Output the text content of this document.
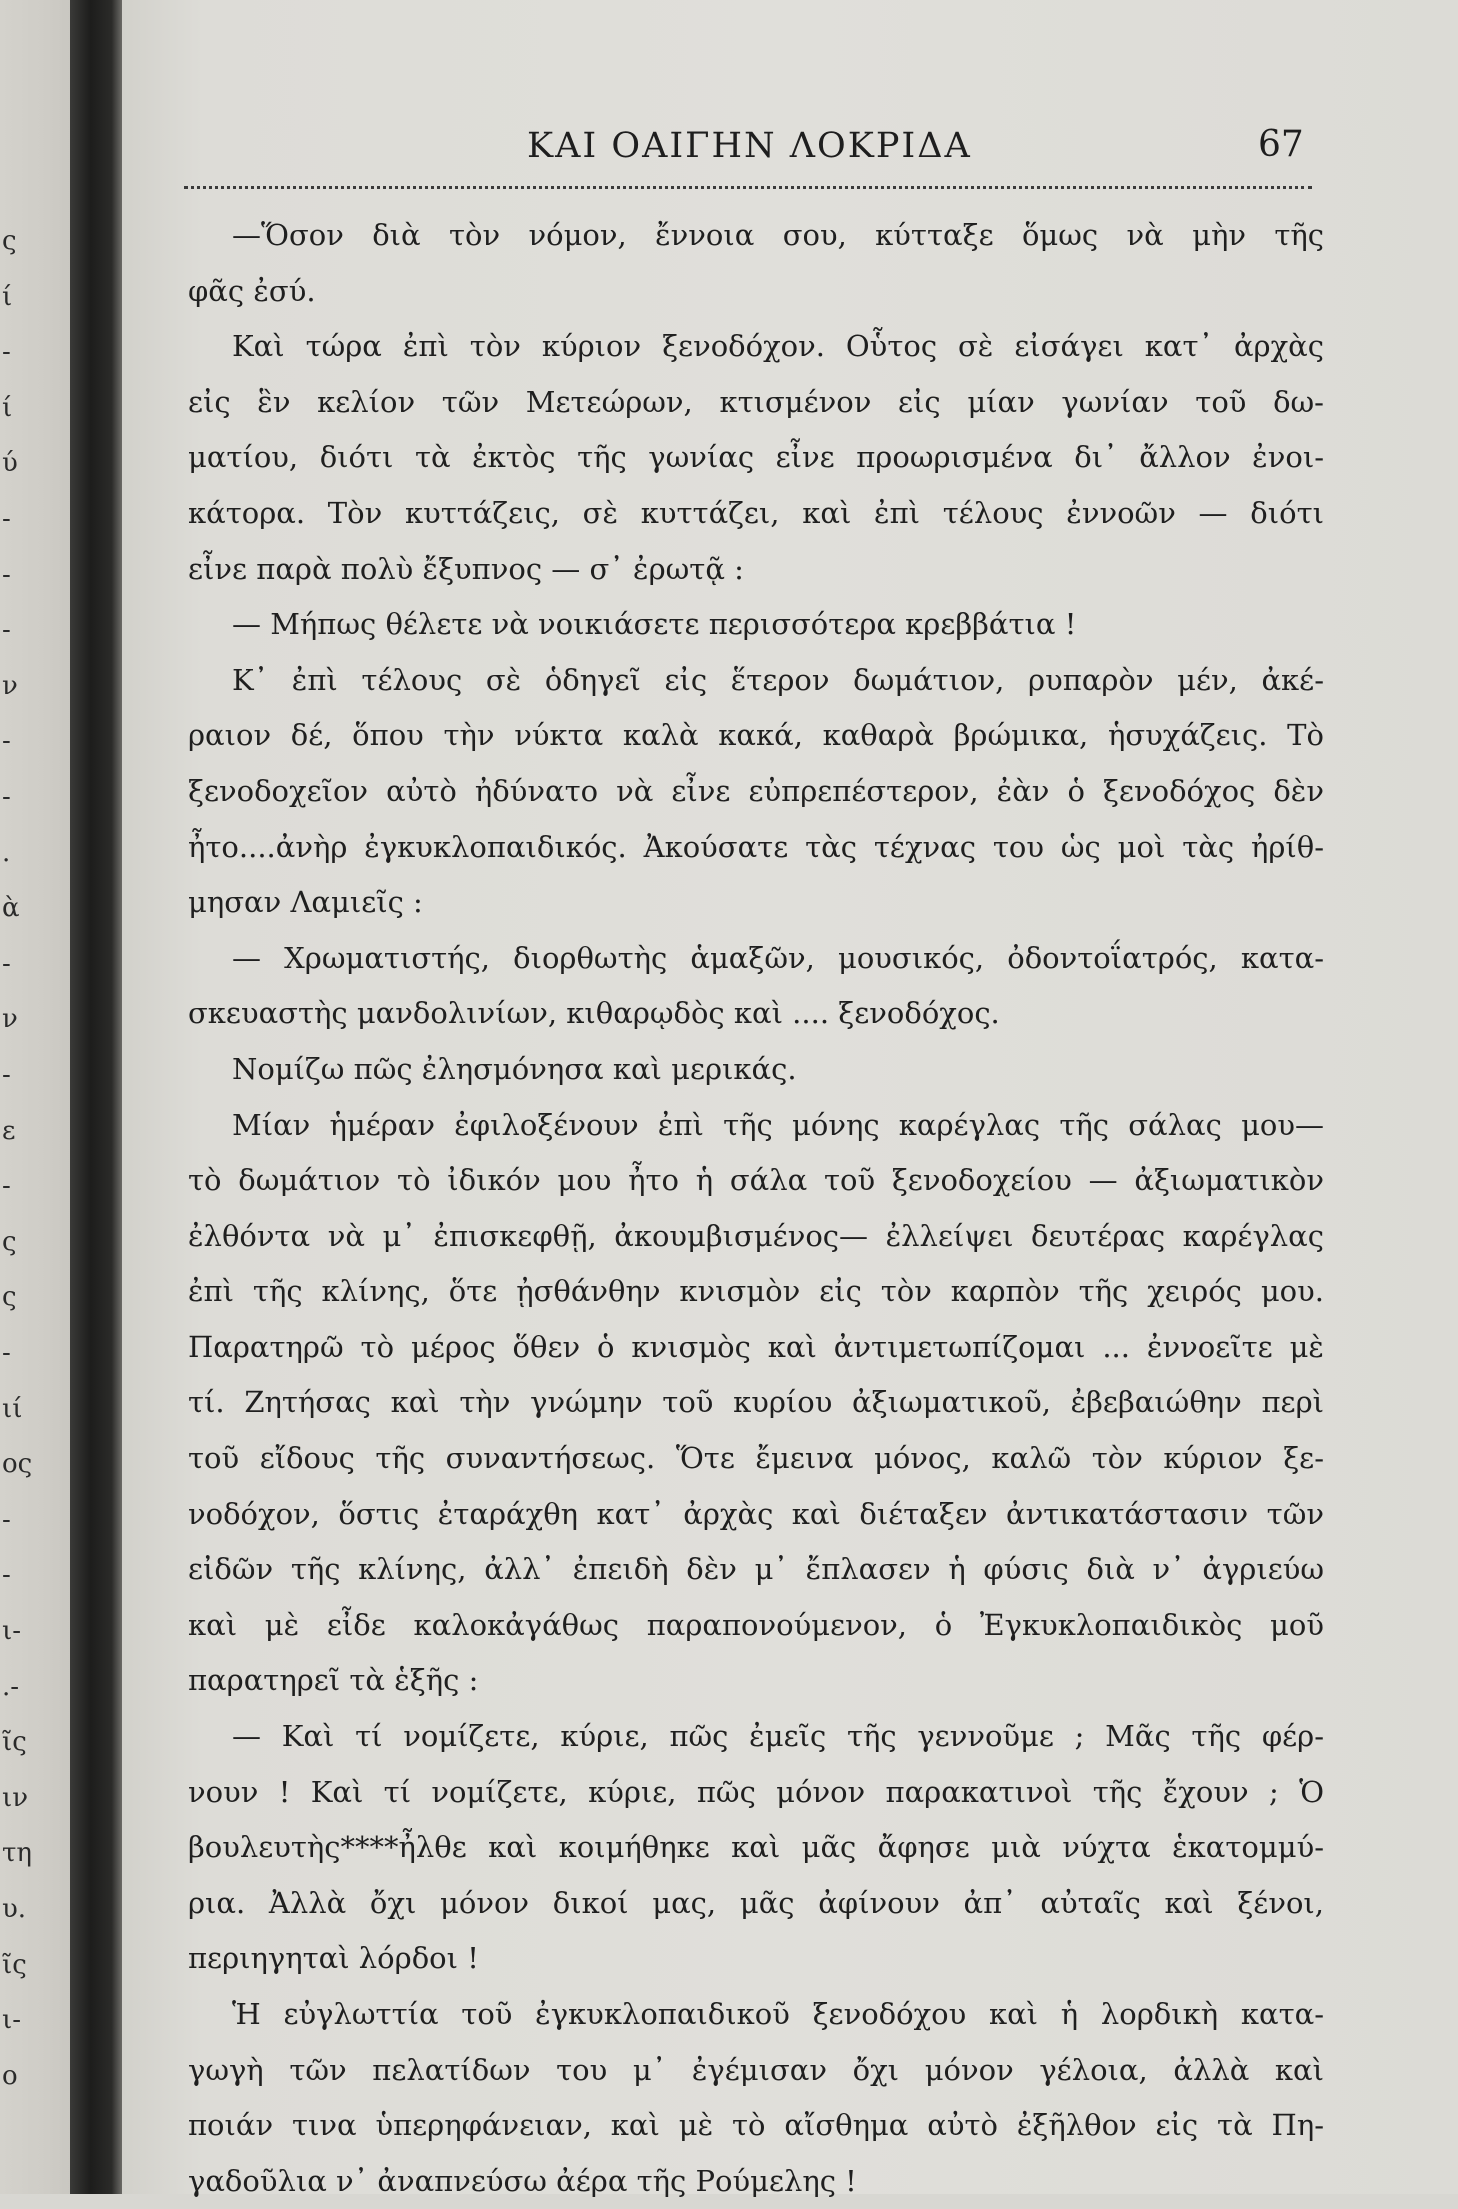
ς
ί
-
ί
ύ
-
-
-
ν
-
-
.
ὰ
-
ν
-
ε
-
ς
ς
-
ιί
ος
-
-
ι-
.-
ῖς
ιν
τη
υ.
ῖς
ι-
ο
ΚΑΙ ΟΑΙΓΗΝ ΛΟΚΡΙΔΑ	67
—Ὅσον διὰ τὸν νόμον, ἔννοια σου, κύτταξε ὅμως νὰ μὴν τῆς
φᾶς ἐσύ.
Καὶ τώρα ἐπὶ τὸν κύριον ξενοδόχον. Οὗτος σὲ εἰσάγει κατ᾽ ἀρχὰς
εἰς ἓν κελίον τῶν Μετεώρων, κτισμένον εἰς μίαν γωνίαν τοῦ δω-
ματίου, διότι τὰ ἐκτὸς τῆς γωνίας εἶνε προωρισμένα δι᾽ ἄλλον ἐνοι-
κάτορα. Τὸν κυττάζεις, σὲ κυττάζει, καὶ ἐπὶ τέλους ἐννοῶν — διότι
εἶνε παρὰ πολὺ ἔξυπνος — σ᾽ ἐρωτᾷ :
— Μήπως θέλετε νὰ νοικιάσετε περισσότερα κρεββάτια !
Κ᾽ ἐπὶ τέλους σὲ ὁδηγεῖ εἰς ἕτερον δωμάτιον, ρυπαρὸν μέν, ἀκέ-
ραιον δέ, ὅπου τὴν νύκτα καλὰ κακά, καθαρὰ βρώμικα, ἡσυχάζεις. Τὸ
ξενοδοχεῖον αὐτὸ ἠδύνατο νὰ εἶνε εὐπρεπέστερον, ἐὰν ὁ ξενοδόχος δὲν
ἦτο....ἀνὴρ ἐγκυκλοπαιδικός. Ἀκούσατε τὰς τέχνας του ὡς μοὶ τὰς ἠρίθ-
μησαν Λαμιεῖς :
— Χρωματιστής, διορθωτὴς ἁμαξῶν, μουσικός, ὀδοντοΐατρός, κατα-
σκευαστὴς μανδολινίων, κιθαρῳδὸς καὶ .... ξενοδόχος.
Νομίζω πῶς ἐλησμόνησα καὶ μερικάς.
Μίαν ἡμέραν ἐφιλοξένουν ἐπὶ τῆς μόνης καρέγλας τῆς σάλας μου—
τὸ δωμάτιον τὸ ἰδικόν μου ἦτο ἡ σάλα τοῦ ξενοδοχείου — ἀξιωματικὸν
ἐλθόντα νὰ μ᾽ ἐπισκεφθῇ, ἀκουμβισμένος— ἐλλείψει δευτέρας καρέγλας
ἐπὶ τῆς κλίνης, ὅτε ᾐσθάνθην κνισμὸν εἰς τὸν καρπὸν τῆς χειρός μου.
Παρατηρῶ τὸ μέρος ὅθεν ὁ κνισμὸς καὶ ἀντιμετωπίζομαι ... ἐννοεῖτε μὲ
τί. Ζητήσας καὶ τὴν γνώμην τοῦ κυρίου ἀξιωματικοῦ, ἐβεβαιώθην περὶ
τοῦ εἴδους τῆς συναντήσεως. Ὅτε ἔμεινα μόνος, καλῶ τὸν κύριον ξε-
νοδόχον, ὅστις ἐταράχθη κατ᾽ ἀρχὰς καὶ διέταξεν ἀντικατάστασιν τῶν
εἰδῶν τῆς κλίνης, ἀλλ᾽ ἐπειδὴ δὲν μ᾽ ἔπλασεν ἡ φύσις διὰ ν᾽ ἀγριεύω
καὶ μὲ εἶδε καλοκἀγάθως παραπονούμενον, ὁ Ἐγκυκλοπαιδικὸς μοῦ
παρατηρεῖ τὰ ἑξῆς :
— Καὶ τί νομίζετε, κύριε, πῶς ἐμεῖς τῆς γεννοῦμε ; Μᾶς τῆς φέρ-
νουν ! Καὶ τί νομίζετε, κύριε, πῶς μόνον παρακατινοὶ τῆς ἔχουν ; Ὁ
βουλευτὴς****ἦλθε καὶ κοιμήθηκε καὶ μᾶς ἄφησε μιὰ νύχτα ἑκατομμύ-
ρια. Ἀλλὰ ὄχι μόνον δικοί μας, μᾶς ἀφίνουν ἀπ᾽ αὐταῖς καὶ ξένοι,
περιηγηταὶ λόρδοι !
Ἡ εὐγλωττία τοῦ ἐγκυκλοπαιδικοῦ ξενοδόχου καὶ ἡ λορδικὴ κατα-
γωγὴ τῶν πελατίδων του μ᾽ ἐγέμισαν ὄχι μόνον γέλοια, ἀλλὰ καὶ
ποιάν τινα ὑπερηφάνειαν, καὶ μὲ τὸ αἴσθημα αὐτὸ ἐξῆλθον εἰς τὰ Πη-
γαδοῦλια ν᾽ ἀναπνεύσω ἀέρα τῆς Ρούμελης !
